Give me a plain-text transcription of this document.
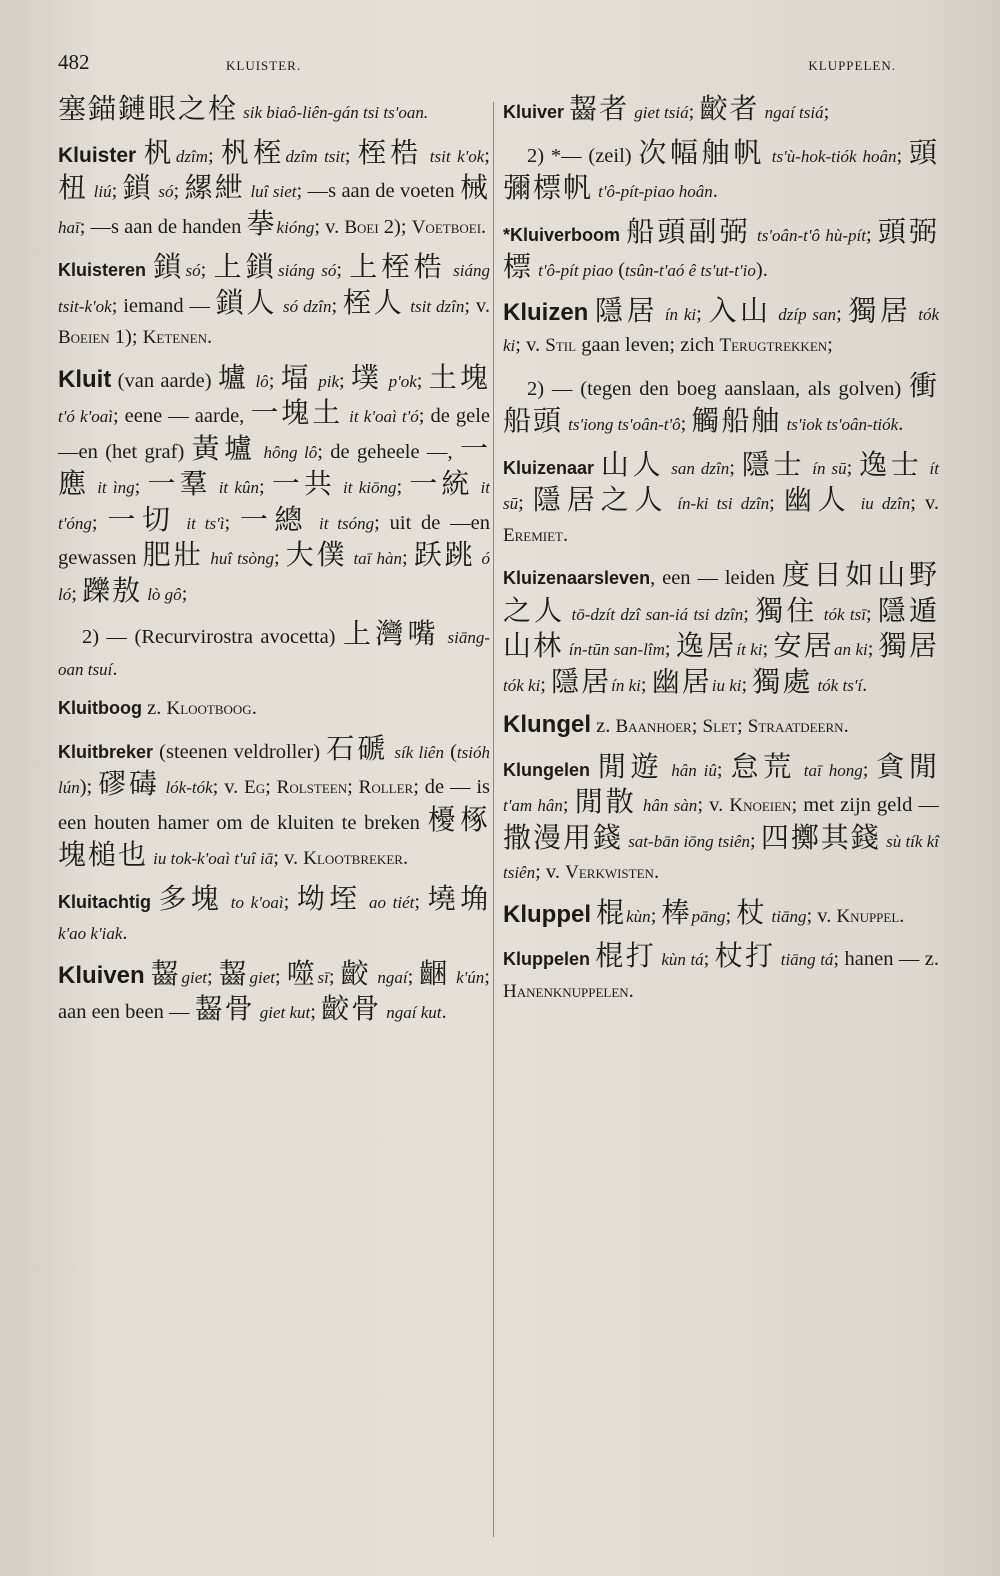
482	KLUISTER.	KLUPPELEN.
塞錨鏈眼之栓 sik biaô-liên-gán tsi ts'oan.
Kluister 杋dzîm; 杋桎dzîm tsit; 桎梏 tsit k'ok; 杻 liú; 鎖 só; 縲紲 luî siet; —s aan de voeten 械 haī; —s aan de handen 拲kióng; v. Boei 2); Voetboei.
Kluisteren 鎖só; 上鎖siáng só; 上桎梏 siáng tsit-k'ok; iemand — 鎖人 só dzîn; 桎人 tsit dzîn; v. Boeien 1); Ketenen.
Kluit (van aarde) 壚 lô; 堛 pik; 墣 p'ok; 土塊 t'ó k'oaì; eene — aarde, 一塊土 it k'oaì t'ó; de gele —en (het graf) 黃壚 hông lô; de geheele —, 一應 it ìng; 一羣 it kûn; 一共 it kiōng; 一統 it t'óng; 一切 it ts'ì; 一總 it tsóng; uit de —en gewassen 肥壯 huî tsòng; 大僕 taī hàn; 跃跳 ó ló; 躒敖 lò gô;
2) — (Recurvirostra avocetta) 上灣嘴 siāng-oan tsuí.
Kluitboog z. Klootboog.
Kluitbreker (steenen veldroller) 石磃 sík liên (tsióh lún); 磟碡 lók-tók; v. Eg; Rolsteen; Roller; de — is een houten hamer om de kluiten te breken 櫌椓塊槌也 iu tok-k'oaì t'uî iā; v. Klootbreker.
Kluitachtig 多塊 to k'oaì; 坳垤 ao tiét; 墝埆 k'ao k'iak.
Kluiven 齧giet; 齧giet; 噬sī; 齩 ngaí; 齫 k'ún; aan een been — 齧骨 giet kut; 齩骨 ngaí kut.
Kluiver 齧者 giet tsiá; 齩者 ngaí tsiá;
2) *— (zeil) 次幅舳帆 ts'ù-hok-tiók hoân; 頭彌標帆 t'ô-pít-piao hoân.
*Kluiverboom 船頭副弼 ts'oân-t'ô hù-pít; 頭弼標 t'ô-pít piao (tsûn-t'aó ê ts'ut-t'io).
Kluizen 隱居 ín ki; 入山 dzíp san; 獨居 tók ki; v. Stil gaan leven; zich Terugtrekken;
2) — (tegen den boeg aanslaan, als golven) 衝船頭 ts'iong ts'oân-t'ô; 觸船舳 ts'iok ts'oân-tiók.
Kluizenaar 山人 san dzîn; 隱士 ín sū; 逸士 ít sū; 隱居之人 ín-ki tsi dzîn; 幽人 iu dzîn; v. Eremiet.
Kluizenaarsleven, een — leiden 度日如山野之人 tō-dzít dzî san-iá tsi dzîn; 獨住 tók tsī; 隱遁山林 ín-tūn san-lîm; 逸居ít ki; 安居an ki; 獨居tók ki; 隱居ín ki; 幽居iu ki; 獨處 tók ts'í.
Klungel z. Baanhoer; Slet; Straatdeern.
Klungelen 閒遊 hân iû; 怠荒 taī hong; 貪閒 t'am hân; 閒散 hân sàn; v. Knoeien; met zijn geld — 撒漫用錢 sat-bān iōng tsiên; 四擲其錢 sù tík kî tsiên; v. Verkwisten.
Kluppel 棍kùn; 棒pāng; 杖 tiāng; v. Knuppel.
Kluppelen 棍打 kùn tá; 杖打 tiāng tá; hanen — z. Hanenknuppelen.
